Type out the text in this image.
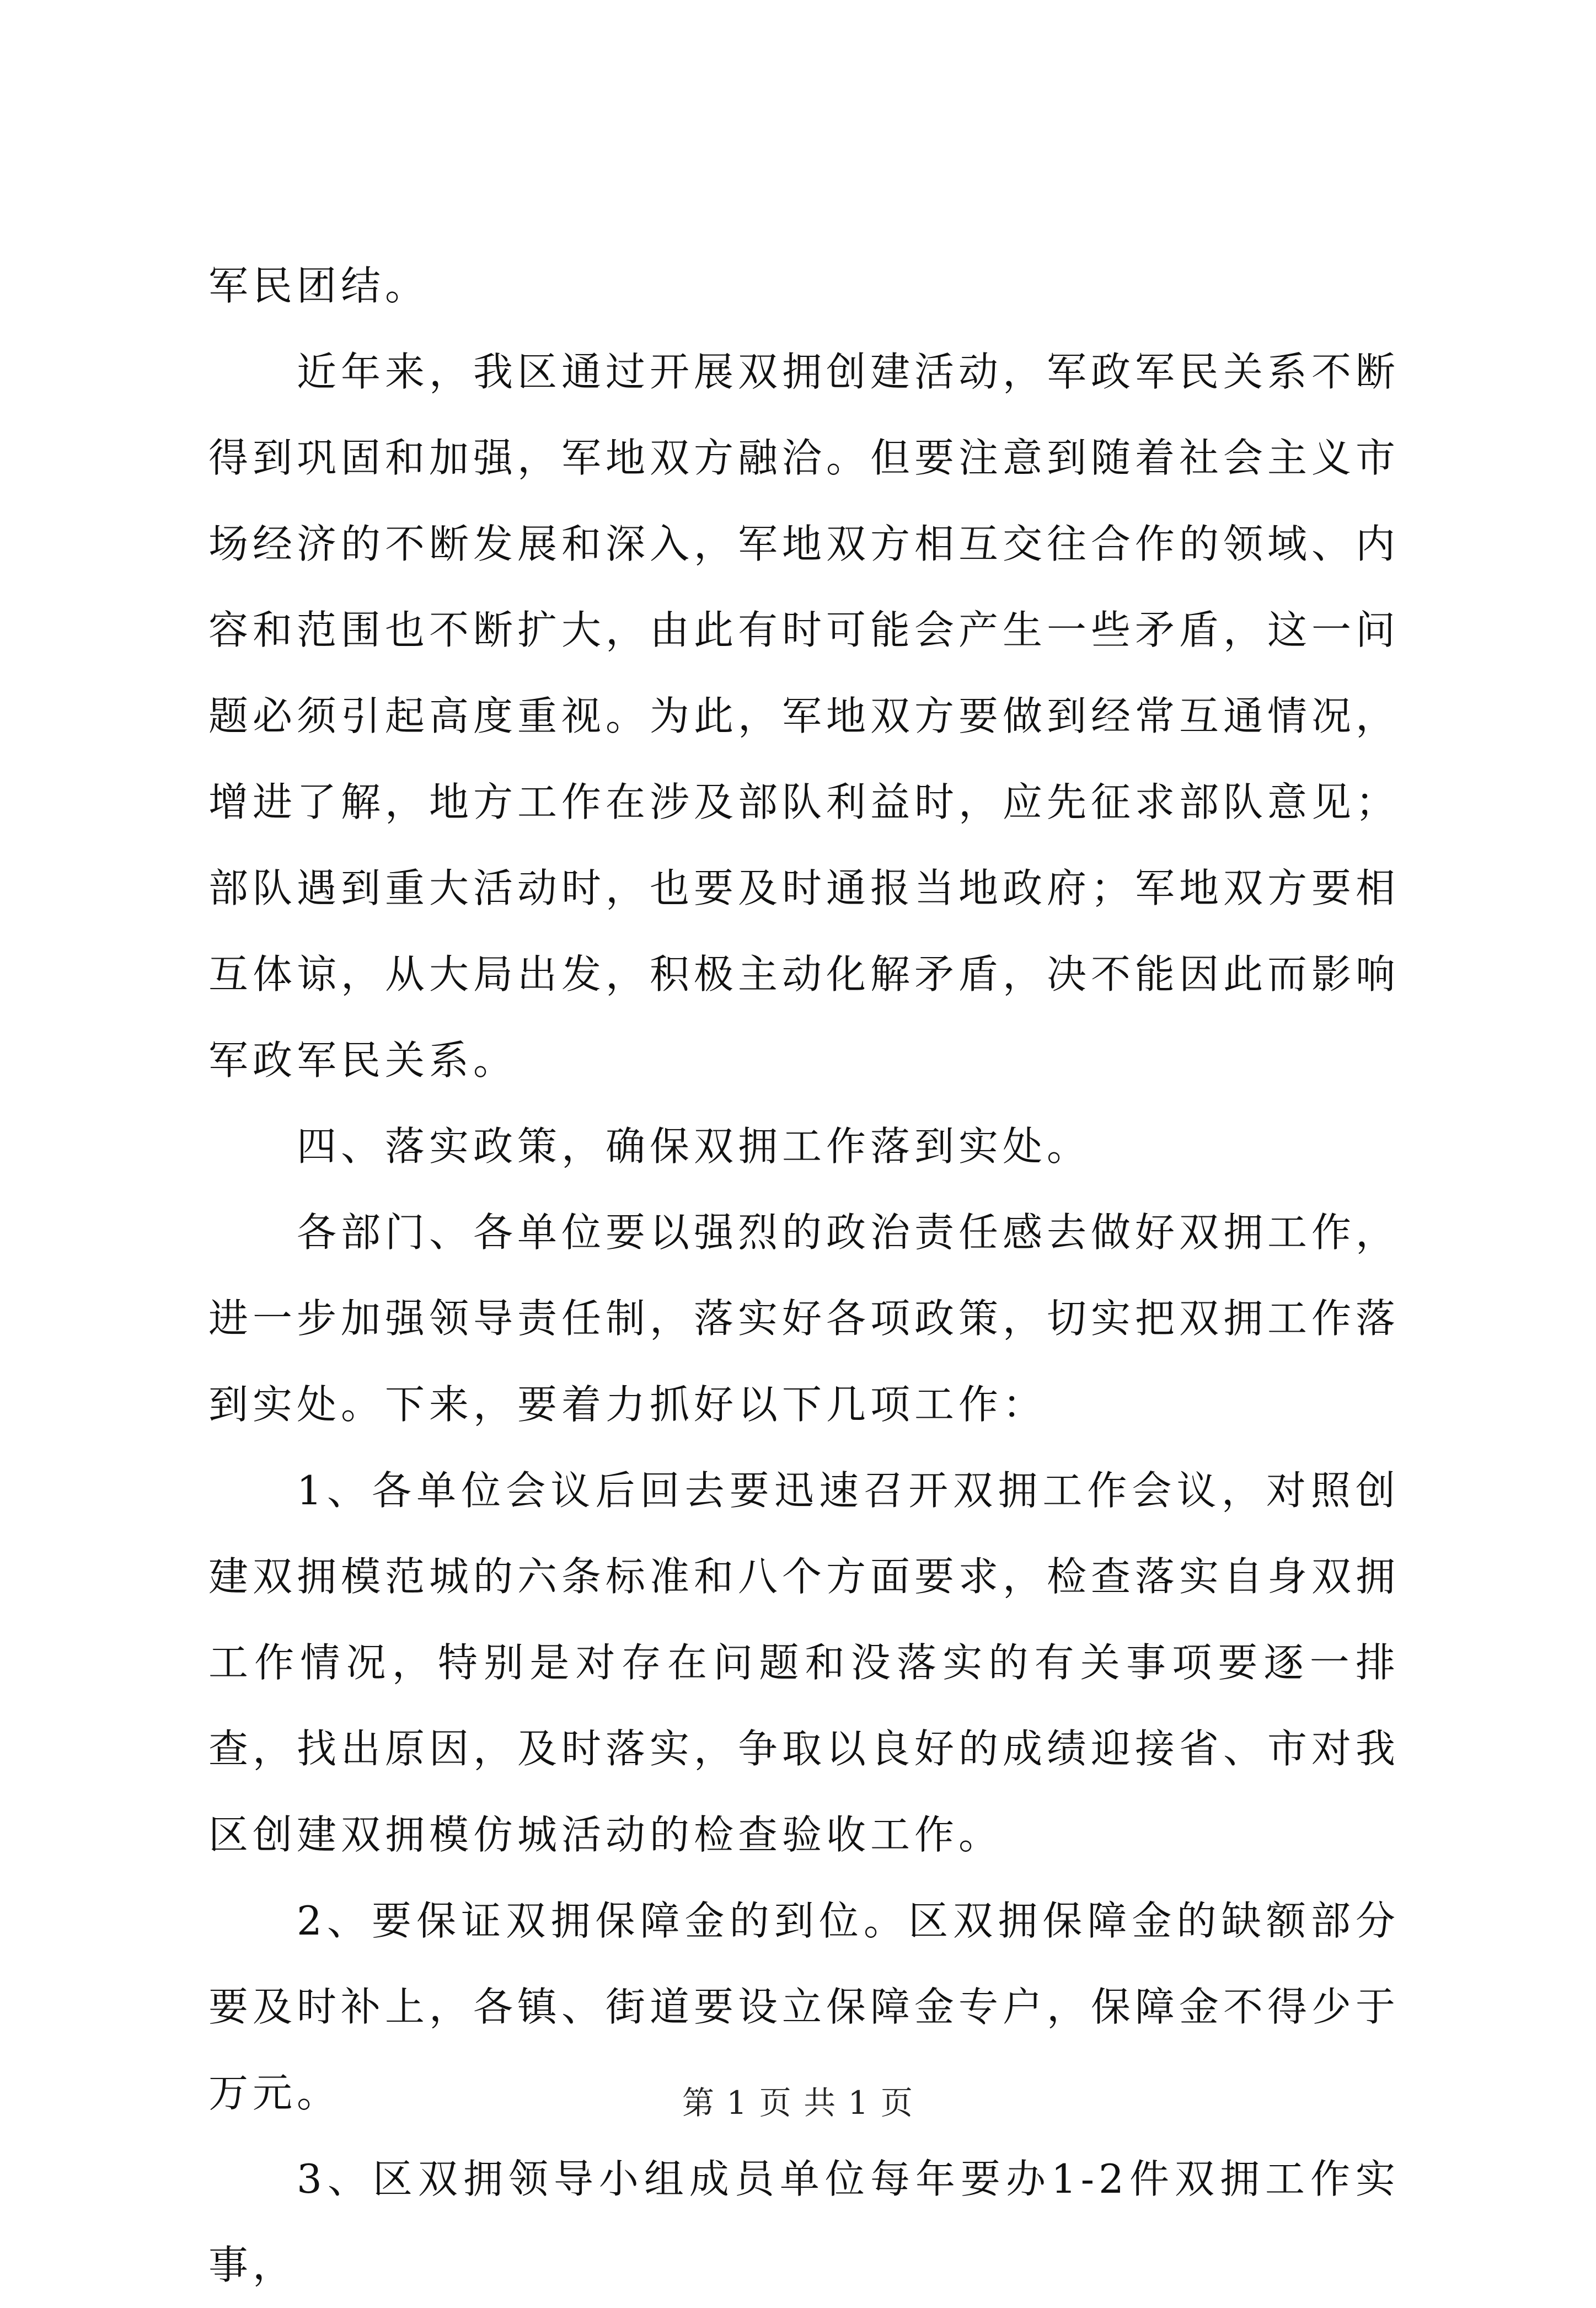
军民团结。

近年来，我区通过开展双拥创建活动，军政军民关系不断得到巩固和加强，军地双方融洽。但要注意到随着社会主义市场经济的不断发展和深入，军地双方相互交往合作的领域、内容和范围也不断扩大，由此有时可能会产生一些矛盾，这一问题必须引起高度重视。为此，军地双方要做到经常互通情况，增进了解，地方工作在涉及部队利益时，应先征求部队意见；部队遇到重大活动时，也要及时通报当地政府；军地双方要相互体谅，从大局出发，积极主动化解矛盾，决不能因此而影响军政军民关系。

四、落实政策，确保双拥工作落到实处。

各部门、各单位要以强烈的政治责任感去做好双拥工作，进一步加强领导责任制，落实好各项政策，切实把双拥工作落到实处。下来，要着力抓好以下几项工作：

1、各单位会议后回去要迅速召开双拥工作会议，对照创建双拥模范城的六条标准和八个方面要求，检查落实自身双拥工作情况，特别是对存在问题和没落实的有关事项要逐一排查，找出原因，及时落实，争取以良好的成绩迎接省、市对我区创建双拥模仿城活动的检查验收工作。

2、要保证双拥保障金的到位。区双拥保障金的缺额部分要及时补上，各镇、街道要设立保障金专户，保障金不得少于万元。

3、区双拥领导小组成员单位每年要办1-2件双拥工作实事，

第 1 页 共 1 页
